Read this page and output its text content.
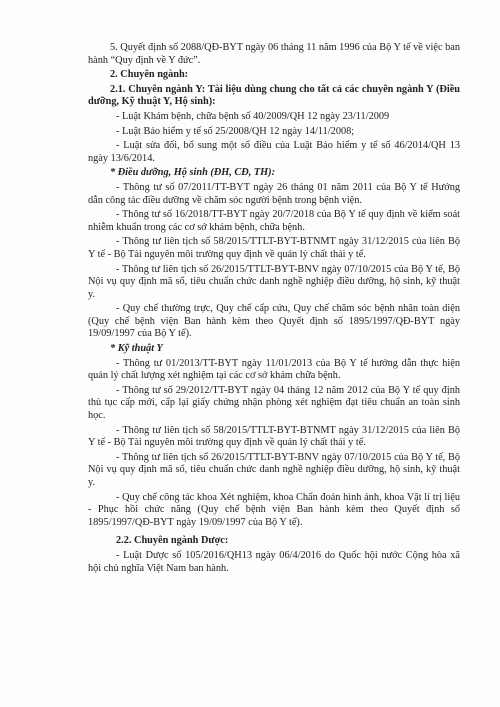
5. Quyết định số 2088/QĐ-BYT ngày 06 tháng 11 năm 1996 của Bộ Y tế về việc ban hành “Quy định về Y đức”.

2. Chuyên ngành:

2.1. Chuyên ngành Y: Tài liệu dùng chung cho tất cả các chuyên ngành Y (Điều dưỡng, Kỹ thuật Y, Hộ sinh):

- Luật Khám bệnh, chữa bệnh số 40/2009/QH 12 ngày 23/11/2009

- Luật Bảo hiểm y tế số 25/2008/QH 12 ngày 14/11/2008;

- Luật sửa đổi, bổ sung một số điều của Luật Bảo hiểm y tế số 46/2014/QH 13 ngày 13/6/2014.

* Điều dưỡng, Hộ sinh (ĐH, CĐ, TH):

- Thông tư số 07/2011/TT-BYT ngày 26 tháng 01 năm 2011 của Bộ Y tế Hướng dẫn công tác điều dưỡng về chăm sóc người bệnh trong bệnh viện.

- Thông tư số 16/2018/TT-BYT ngày 20/7/2018 của Bộ Y tế quy định về kiểm soát nhiễm khuẩn trong các cơ sở khám bệnh, chữa bệnh.

- Thông tư liên tịch số 58/2015/TTLT-BYT-BTNMT ngày 31/12/2015 của liên Bộ Y tế - Bộ Tài nguyên môi trường quy định về quản lý chất thải y tế.

- Thông tư liên tịch số 26/2015/TTLT-BYT-BNV ngày 07/10/2015 của Bộ Y tế, Bộ Nội vụ quy định mã số, tiêu chuẩn chức danh nghề nghiệp điều dưỡng, hộ sinh, kỹ thuật y.

- Quy chế thường trực, Quy chế cấp cứu, Quy chế chăm sóc bệnh nhân toàn diện (Quy chế bệnh viện Ban hành kèm theo Quyết định số 1895/1997/QĐ-BYT ngày 19/09/1997 của Bộ Y tế).

* Kỹ thuật Y

- Thông tư 01/2013/TT-BYT ngày 11/01/2013 của Bộ Y tế hướng dẫn thực hiện quản lý chất lượng xét nghiệm tại các cơ sở khám chữa bệnh.

- Thông tư số 29/2012/TT-BYT ngày 04 tháng 12 năm 2012 của Bộ Y tế quy định thủ tục cấp mới, cấp lại giấy chứng nhận phòng xét nghiệm đạt tiêu chuẩn an toàn sinh học.

- Thông tư liên tịch số 58/2015/TTLT-BYT-BTNMT ngày 31/12/2015 của liên Bộ Y tế - Bộ Tài nguyên môi trường quy định về quản lý chất thải y tế.

- Thông tư liên tịch số 26/2015/TTLT-BYT-BNV ngày 07/10/2015 của Bộ Y tế, Bộ Nội vụ quy định mã số, tiêu chuẩn chức danh nghề nghiệp điều dưỡng, hộ sinh, kỹ thuật y.

- Quy chế công tác khoa Xét nghiệm, khoa Chẩn đoán hình ảnh, khoa Vật lí trị liệu - Phục hồi chức năng (Quy chế bệnh viện Ban hành kèm theo Quyết định số 1895/1997/QĐ-BYT ngày 19/09/1997 của Bộ Y tế).

2.2. Chuyên ngành Dược:

- Luật Dược số 105/2016/QH13 ngày 06/4/2016 do Quốc hội nước Cộng hòa xã hội chủ nghĩa Việt Nam ban hành.
